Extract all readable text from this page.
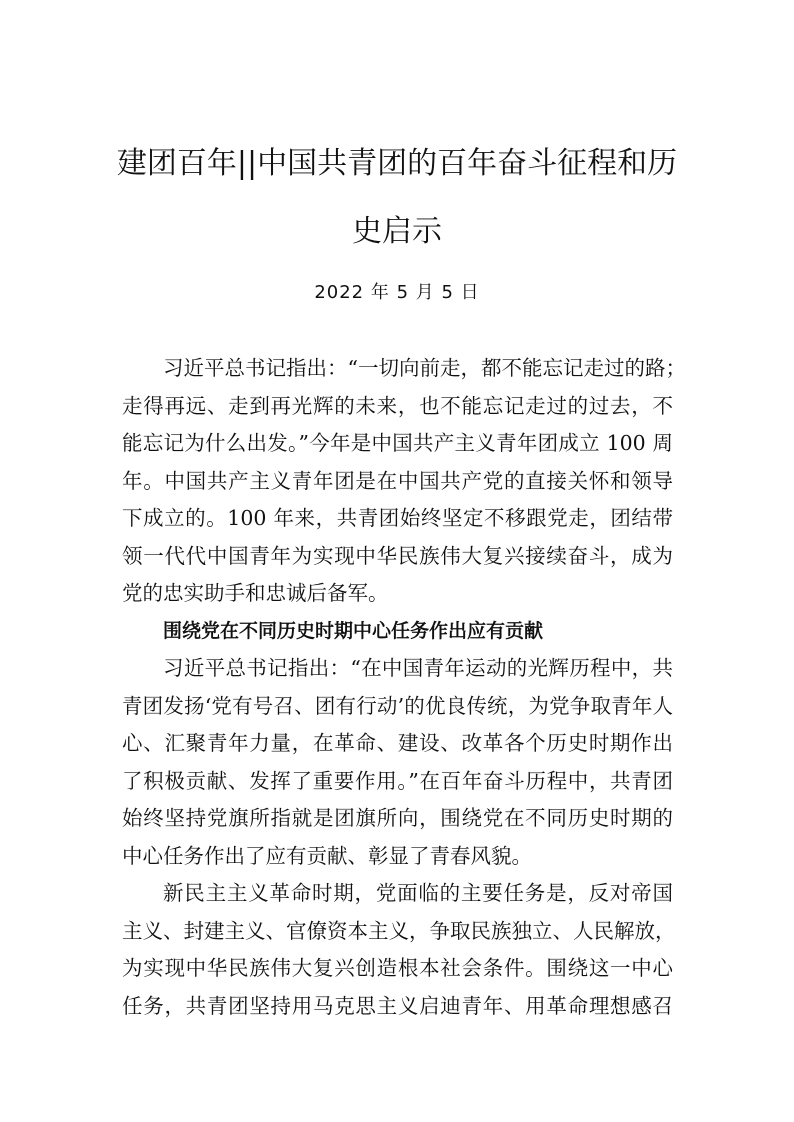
建团百年||中国共青团的百年奋斗征程和历
史启示
2022 年 5 月 5 日
习近平总书记指出：“一切向前走，都不能忘记走过的路；
走得再远、走到再光辉的未来，也不能忘记走过的过去，不
能忘记为什么出发。”今年是中国共产主义青年团成立 100 周
年。中国共产主义青年团是在中国共产党的直接关怀和领导
下成立的。100 年来，共青团始终坚定不移跟党走，团结带
领一代代中国青年为实现中华民族伟大复兴接续奋斗，成为
党的忠实助手和忠诚后备军。
围绕党在不同历史时期中心任务作出应有贡献
习近平总书记指出：“在中国青年运动的光辉历程中，共
青团发扬‘党有号召、团有行动’的优良传统，为党争取青年人
心、汇聚青年力量，在革命、建设、改革各个历史时期作出
了积极贡献、发挥了重要作用。”在百年奋斗历程中，共青团
始终坚持党旗所指就是团旗所向，围绕党在不同历史时期的
中心任务作出了应有贡献、彰显了青春风貌。
新民主主义革命时期，党面临的主要任务是，反对帝国
主义、封建主义、官僚资本主义，争取民族独立、人民解放，
为实现中华民族伟大复兴创造根本社会条件。围绕这一中心
任务，共青团坚持用马克思主义启迪青年、用革命理想感召
